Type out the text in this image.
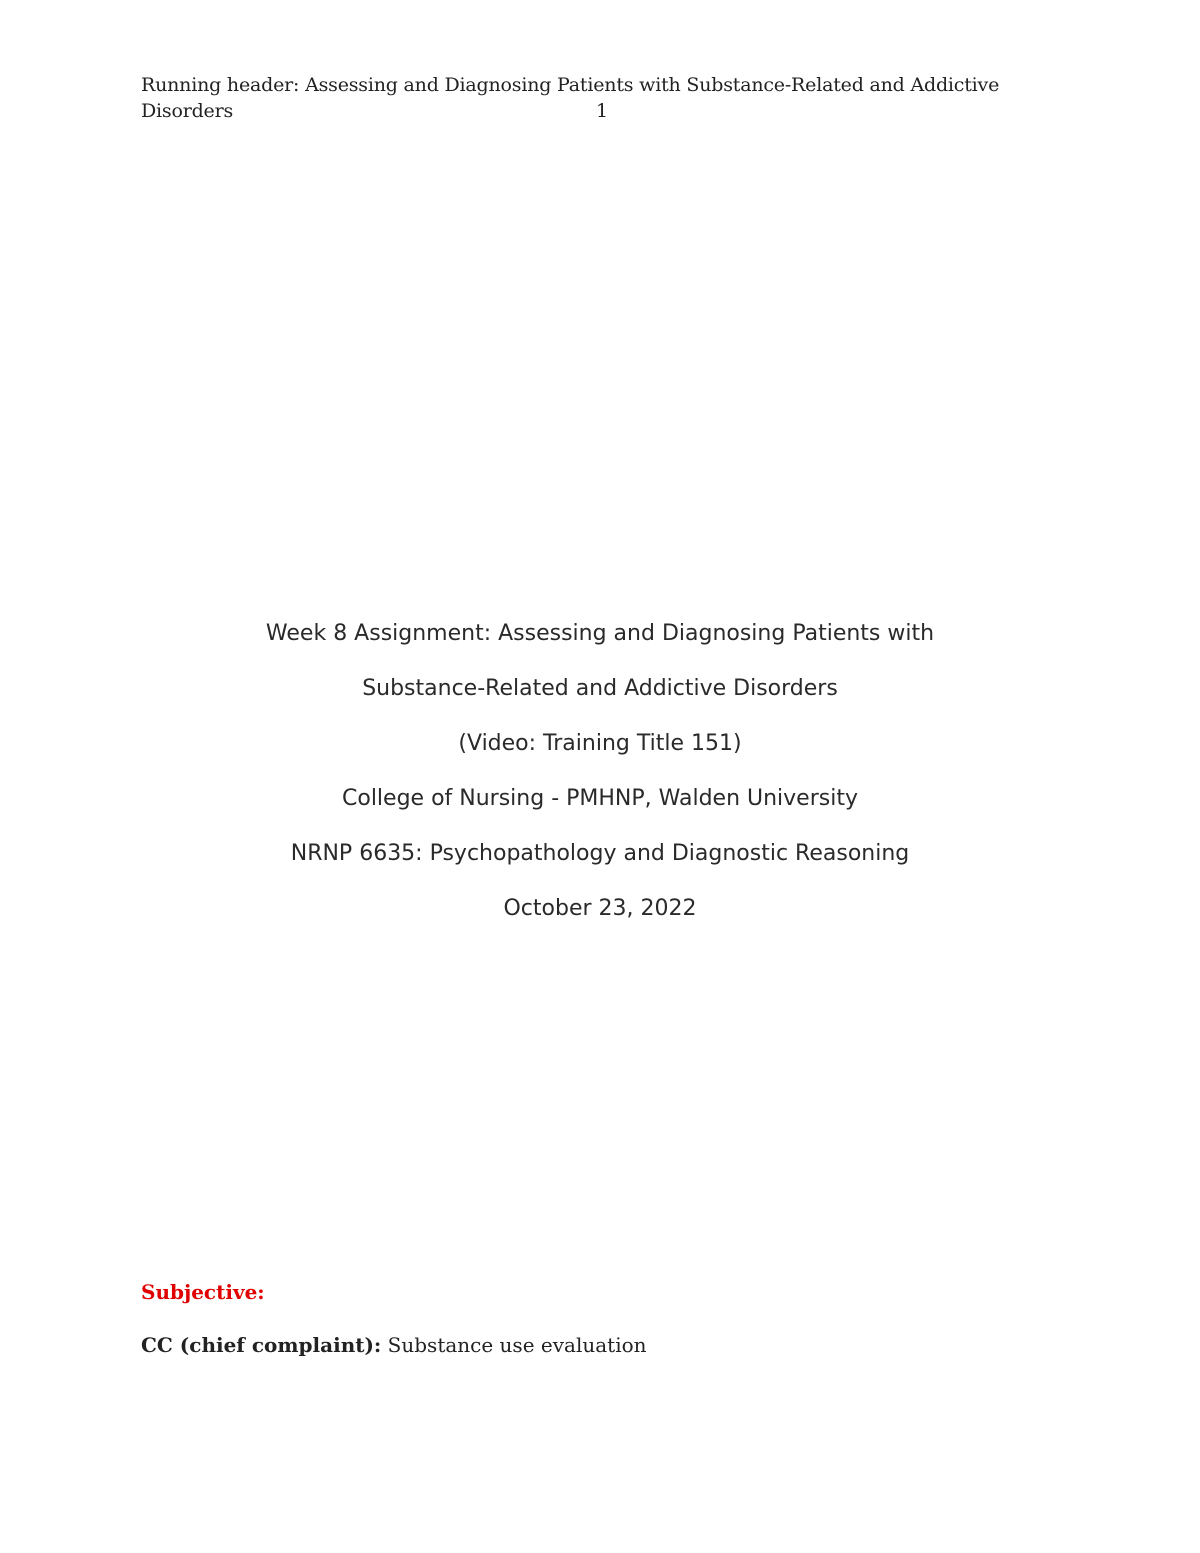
Running header: Assessing and Diagnosing Patients with Substance-Related and Addictive
Disorders	1
Week 8 Assignment: Assessing and Diagnosing Patients with
Substance-Related and Addictive Disorders
(Video: Training Title 151)
College of Nursing - PMHNP, Walden University
NRNP 6635: Psychopathology and Diagnostic Reasoning
October 23, 2022
Subjective:
CC (chief complaint): Substance use evaluation
